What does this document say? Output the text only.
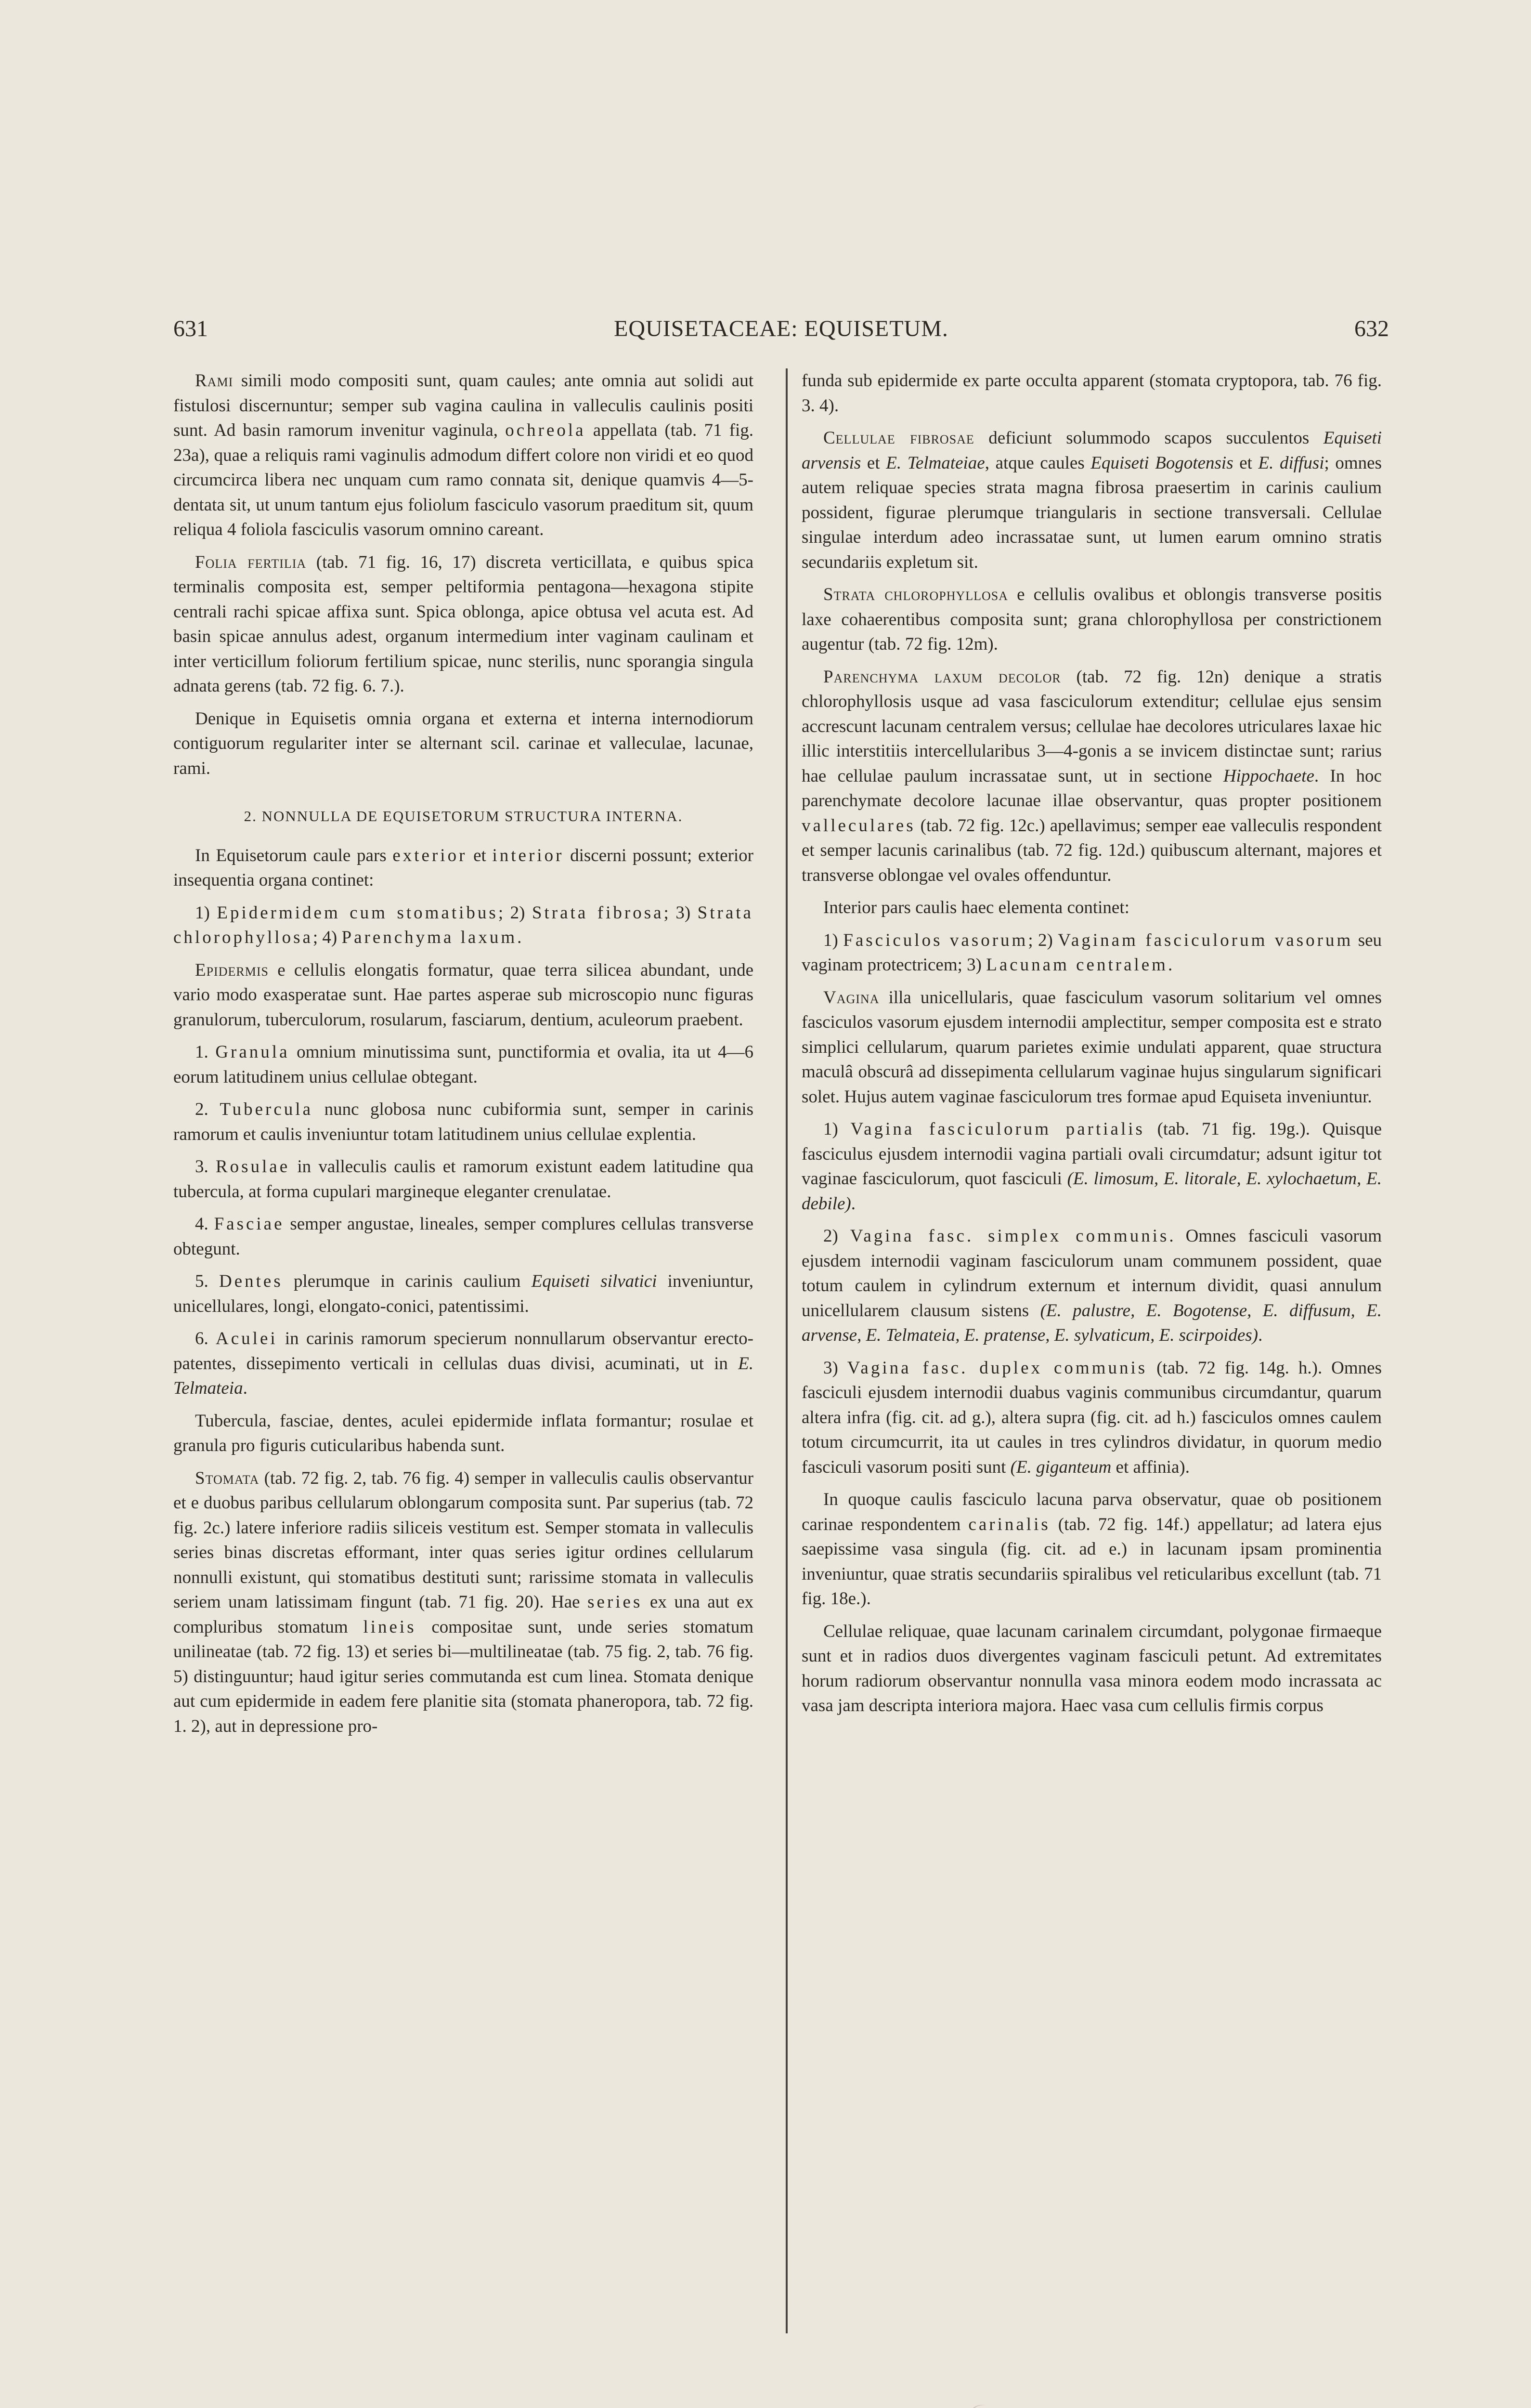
631	EQUISETACEAE: EQUISETUM.	632

Rami simili modo compositi sunt, quam caules; ante omnia aut solidi aut fistulosi discernuntur; semper sub vagina caulina in valleculis caulinis positi sunt. Ad basin ramorum invenitur vaginula, ochreola appellata (tab. 71 fig. 23a), quae a reliquis rami vaginulis admodum differt colore non viridi et eo quod circumcirca libera nec unquam cum ramo connata sit, denique quamvis 4—5-dentata sit, ut unum tantum ejus foliolum fasciculo vasorum praeditum sit, quum reliqua 4 foliola fasciculis vasorum omnino careant.

Folia fertilia (tab. 71 fig. 16, 17) discreta verticillata, e quibus spica terminalis composita est, semper peltiformia pentagona—hexagona stipite centrali rachi spicae affixa sunt. Spica oblonga, apice obtusa vel acuta est. Ad basin spicae annulus adest, organum intermedium inter vaginam caulinam et inter verticillum foliorum fertilium spicae, nunc sterilis, nunc sporangia singula adnata gerens (tab. 72 fig. 6. 7.).

Denique in Equisetis omnia organa et externa et interna internodiorum contiguorum regulariter inter se alternant scil. carinae et valleculae, lacunae, rami.

2. NONNULLA DE EQUISETORUM STRUCTURA INTERNA.

In Equisetorum caule pars exterior et interior discerni possunt; exterior insequentia organa continet:

1) Epidermidem cum stomatibus; 2) Strata fibrosa; 3) Strata chlorophyllosa; 4) Parenchyma laxum.

Epidermis e cellulis elongatis formatur, quae terra silicea abundant, unde vario modo exasperatae sunt. Hae partes asperae sub microscopio nunc figuras granulorum, tuberculorum, rosularum, fasciarum, dentium, aculeorum praebent.

1. Granula omnium minutissima sunt, punctiformia et ovalia, ita ut 4—6 eorum latitudinem unius cellulae obtegant.

2. Tubercula nunc globosa nunc cubiformia sunt, semper in carinis ramorum et caulis inveniuntur totam latitudinem unius cellulae explentia.

3. Rosulae in valleculis caulis et ramorum existunt eadem latitudine qua tubercula, at forma cupulari margineque eleganter crenulatae.

4. Fasciae semper angustae, lineales, semper complures cellulas transverse obtegunt.

5. Dentes plerumque in carinis caulium Equiseti silvatici inveniuntur, unicellulares, longi, elongato-conici, patentissimi.

6. Aculei in carinis ramorum specierum nonnullarum observantur erecto-patentes, dissepimento verticali in cellulas duas divisi, acuminati, ut in E. Telmateia.

Tubercula, fasciae, dentes, aculei epidermide inflata formantur; rosulae et granula pro figuris cuticularibus habenda sunt.

Stomata (tab. 72 fig. 2, tab. 76 fig. 4) semper in valleculis caulis observantur et e duobus paribus cellularum oblongarum composita sunt. Par superius (tab. 72 fig. 2c.) latere inferiore radiis siliceis vestitum est. Semper stomata in valleculis series binas discretas efformant, inter quas series igitur ordines cellularum nonnulli existunt, qui stomatibus destituti sunt; rarissime stomata in valleculis seriem unam latissimam fingunt (tab. 71 fig. 20). Hae series ex una aut ex compluribus stomatum lineis compositae sunt, unde series stomatum unilineatae (tab. 72 fig. 13) et series bi—multilineatae (tab. 75 fig. 2, tab. 76 fig. 5) distinguuntur; haud igitur series commutanda est cum linea. Stomata denique aut cum epidermide in eadem fere planitie sita (stomata phaneropora, tab. 72 fig. 1. 2), aut in depressione pro-

funda sub epidermide ex parte occulta apparent (stomata cryptopora, tab. 76 fig. 3. 4).

Cellulae fibrosae deficiunt solummodo scapos succulentos Equiseti arvensis et E. Telmateiae, atque caules Equiseti Bogotensis et E. diffusi; omnes autem reliquae species strata magna fibrosa praesertim in carinis caulium possident, figurae plerumque triangularis in sectione transversali. Cellulae singulae interdum adeo incrassatae sunt, ut lumen earum omnino stratis secundariis expletum sit.

Strata chlorophyllosa e cellulis ovalibus et oblongis transverse positis laxe cohaerentibus composita sunt; grana chlorophyllosa per constrictionem augentur (tab. 72 fig. 12m).

Parenchyma laxum decolor (tab. 72 fig. 12n) denique a stratis chlorophyllosis usque ad vasa fasciculorum extenditur; cellulae ejus sensim accrescunt lacunam centralem versus; cellulae hae decolores utriculares laxae hic illic interstitiis intercellularibus 3—4-gonis a se invicem distinctae sunt; rarius hae cellulae paulum incrassatae sunt, ut in sectione Hippochaete. In hoc parenchymate decolore lacunae illae observantur, quas propter positionem valleculares (tab. 72 fig. 12c.) apellavimus; semper eae valleculis respondent et semper lacunis carinalibus (tab. 72 fig. 12d.) quibuscum alternant, majores et transverse oblongae vel ovales offenduntur.

Interior pars caulis haec elementa continet:

1) Fasciculos vasorum; 2) Vaginam fasciculorum vasorum seu vaginam protectricem; 3) Lacunam centralem.

Vagina illa unicellularis, quae fasciculum vasorum solitarium vel omnes fasciculos vasorum ejusdem internodii amplectitur, semper composita est e strato simplici cellularum, quarum parietes eximie undulati apparent, quae structura maculâ obscurâ ad dissepimenta cellularum vaginae hujus singularum significari solet. Hujus autem vaginae fasciculorum tres formae apud Equiseta inveniuntur.

1) Vagina fasciculorum partialis (tab. 71 fig. 19g.). Quisque fasciculus ejusdem internodii vagina partiali ovali circumdatur; adsunt igitur tot vaginae fasciculorum, quot fasciculi (E. limosum, E. litorale, E. xylochaetum, E. debile).

2) Vagina fasc. simplex communis. Omnes fasciculi vasorum ejusdem internodii vaginam fasciculorum unam communem possident, quae totum caulem in cylindrum externum et internum dividit, quasi annulum unicellularem clausum sistens (E. palustre, E. Bogotense, E. diffusum, E. arvense, E. Telmateia, E. pratense, E. sylvaticum, E. scirpoides).

3) Vagina fasc. duplex communis (tab. 72 fig. 14g. h.). Omnes fasciculi ejusdem internodii duabus vaginis communibus circumdantur, quarum altera infra (fig. cit. ad g.), altera supra (fig. cit. ad h.) fasciculos omnes caulem totum circumcurrit, ita ut caules in tres cylindros dividatur, in quorum medio fasciculi vasorum positi sunt (E. giganteum et affinia).

In quoque caulis fasciculo lacuna parva observatur, quae ob positionem carinae respondentem carinalis (tab. 72 fig. 14f.) appellatur; ad latera ejus saepissime vasa singula (fig. cit. ad e.) in lacunam ipsam prominentia inveniuntur, quae stratis secundariis spiralibus vel reticularibus excellunt (tab. 71 fig. 18e.).

Cellulae reliquae, quae lacunam carinalem circumdant, polygonae firmaeque sunt et in radios duos divergentes vaginam fasciculi petunt. Ad extremitates horum radiorum observantur nonnulla vasa minora eodem modo incrassata ac vasa jam descripta interiora majora. Haec vasa cum cellulis firmis corpus
